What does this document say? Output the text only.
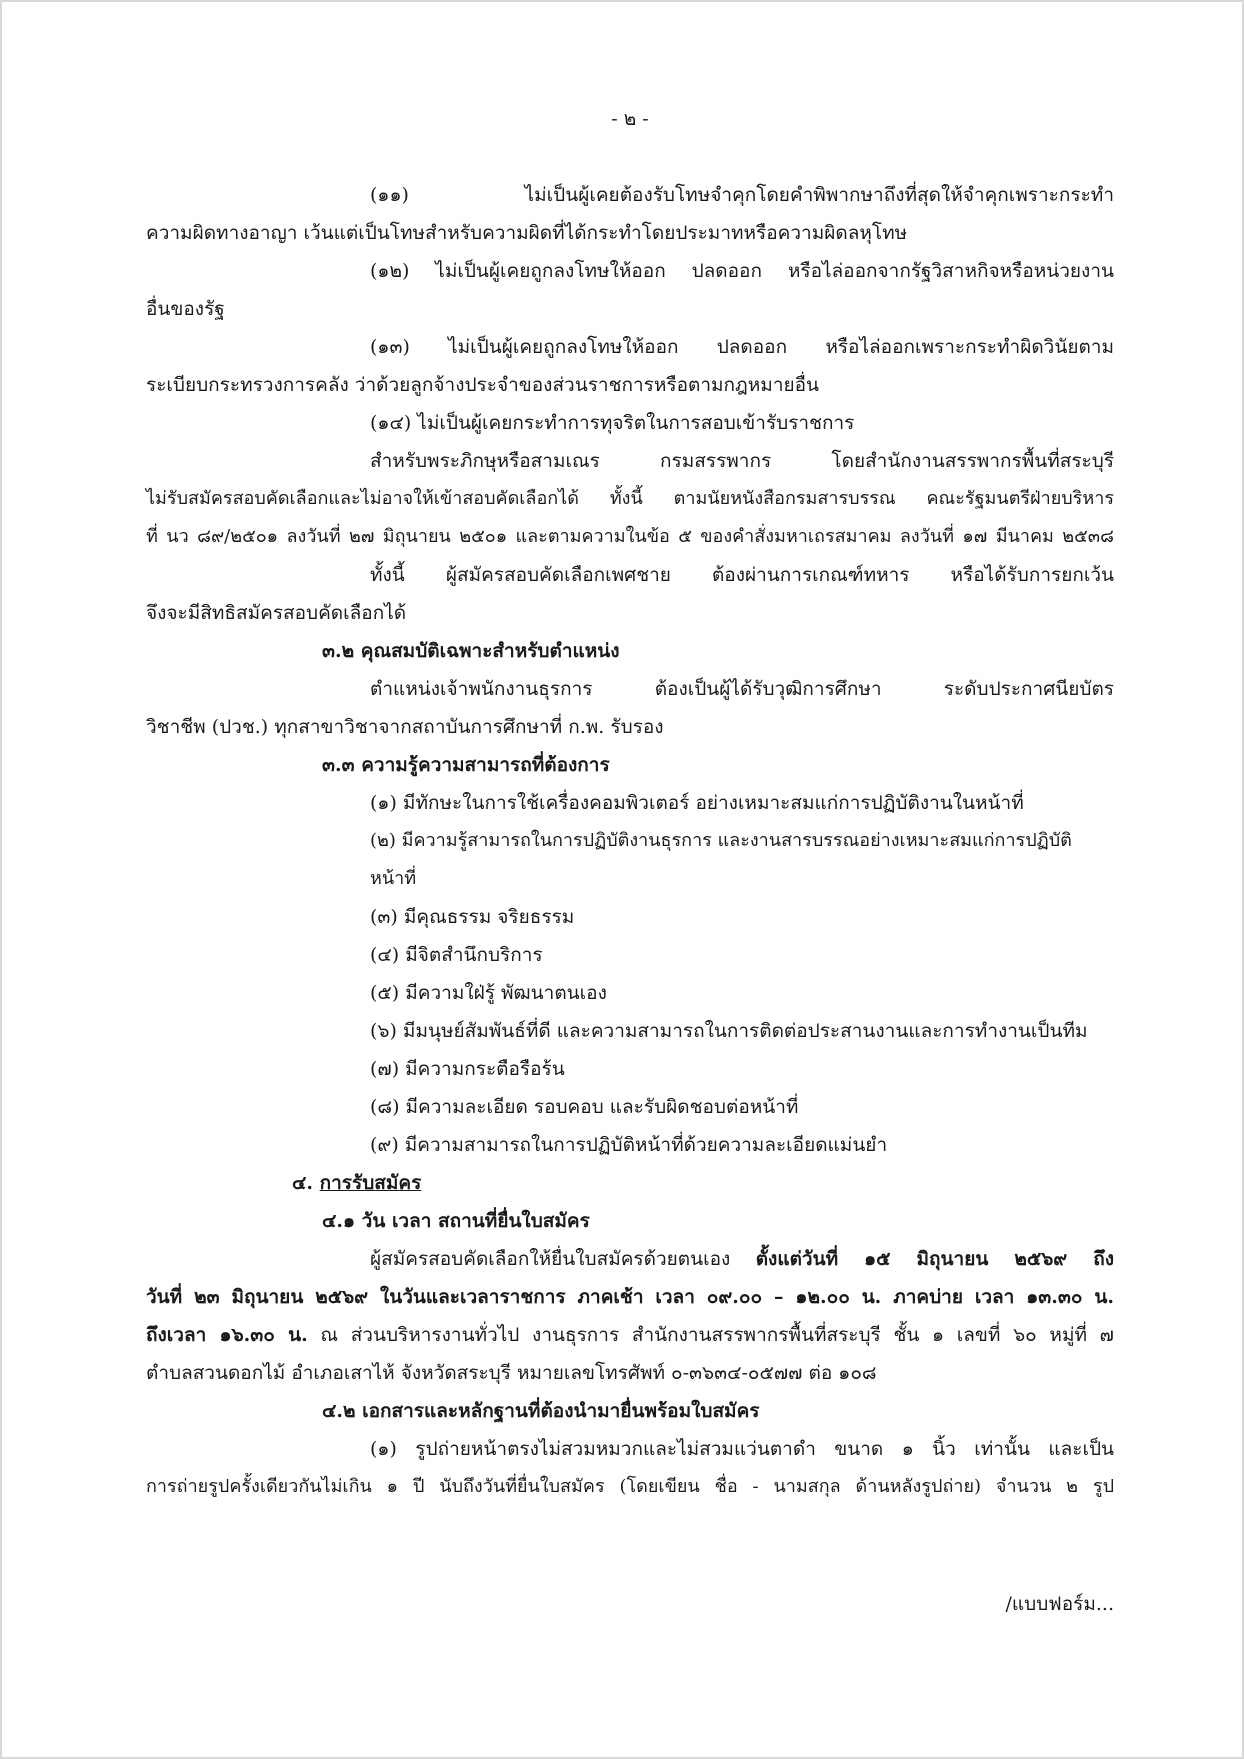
- ๒ -

(๑๑) ไม่เป็นผู้เคยต้องรับโทษจำคุกโดยคำพิพากษาถึงที่สุดให้จำคุกเพราะกระทำ

ความผิดทางอาญา เว้นแต่เป็นโทษสำหรับความผิดที่ได้กระทำโดยประมาทหรือความผิดลหุโทษ

(๑๒) ไม่เป็นผู้เคยถูกลงโทษให้ออก ปลดออก หรือไล่ออกจากรัฐวิสาหกิจหรือหน่วยงาน

อื่นของรัฐ

(๑๓) ไม่เป็นผู้เคยถูกลงโทษให้ออก ปลดออก หรือไล่ออกเพราะกระทำผิดวินัยตาม

ระเบียบกระทรวงการคลัง ว่าด้วยลูกจ้างประจำของส่วนราชการหรือตามกฎหมายอื่น

(๑๔) ไม่เป็นผู้เคยกระทำการทุจริตในการสอบเข้ารับราชการ

สำหรับพระภิกษุหรือสามเณร กรมสรรพากร โดยสำนักงานสรรพากรพื้นที่สระบุรี

ไม่รับสมัครสอบคัดเลือกและไม่อาจให้เข้าสอบคัดเลือกได้ ทั้งนี้ ตามนัยหนังสือกรมสารบรรณ คณะรัฐมนตรีฝ่ายบริหาร

ที่ นว ๘๙/๒๕๐๑ ลงวันที่ ๒๗ มิถุนายน ๒๕๐๑ และตามความในข้อ ๕ ของคำสั่งมหาเถรสมาคม ลงวันที่ ๑๗ มีนาคม ๒๕๓๘

ทั้งนี้ ผู้สมัครสอบคัดเลือกเพศชาย ต้องผ่านการเกณฑ์ทหาร หรือได้รับการยกเว้น

จึงจะมีสิทธิสมัครสอบคัดเลือกได้

๓.๒ คุณสมบัติเฉพาะสำหรับตำแหน่ง

ตำแหน่งเจ้าพนักงานธุรการ ต้องเป็นผู้ได้รับวุฒิการศึกษา ระดับประกาศนียบัตร

วิชาชีพ (ปวช.) ทุกสาขาวิชาจากสถาบันการศึกษาที่ ก.พ. รับรอง

๓.๓ ความรู้ความสามารถที่ต้องการ

(๑) มีทักษะในการใช้เครื่องคอมพิวเตอร์ อย่างเหมาะสมแก่การปฏิบัติงานในหน้าที่

(๒) มีความรู้สามารถในการปฏิบัติงานธุรการ และงานสารบรรณอย่างเหมาะสมแก่การปฏิบัติหน้าที่

(๓) มีคุณธรรม จริยธรรม

(๔) มีจิตสำนึกบริการ

(๕) มีความใฝ่รู้ พัฒนาตนเอง

(๖) มีมนุษย์สัมพันธ์ที่ดี และความสามารถในการติดต่อประสานงานและการทำงานเป็นทีม

(๗) มีความกระตือรือร้น

(๘) มีความละเอียด รอบคอบ และรับผิดชอบต่อหน้าที่

(๙) มีความสามารถในการปฏิบัติหน้าที่ด้วยความละเอียดแม่นยำ

๔. การรับสมัคร

๔.๑ วัน เวลา สถานที่ยื่นใบสมัคร

ผู้สมัครสอบคัดเลือกให้ยื่นใบสมัครด้วยตนเอง ตั้งแต่วันที่ ๑๕ มิถุนายน ๒๕๖๙ ถึง

วันที่ ๒๓ มิถุนายน ๒๕๖๙ ในวันและเวลาราชการ ภาคเช้า เวลา ๐๙.๐๐ – ๑๒.๐๐ น. ภาคบ่าย เวลา ๑๓.๓๐ น.

ถึงเวลา ๑๖.๓๐ น. ณ ส่วนบริหารงานทั่วไป งานธุรการ สำนักงานสรรพากรพื้นที่สระบุรี ชั้น ๑ เลขที่ ๖๐ หมู่ที่ ๗

ตำบลสวนดอกไม้ อำเภอเสาไห้ จังหวัดสระบุรี หมายเลขโทรศัพท์ ๐-๓๖๓๔-๐๕๗๗ ต่อ ๑๐๘

๔.๒ เอกสารและหลักฐานที่ต้องนำมายื่นพร้อมใบสมัคร

(๑) รูปถ่ายหน้าตรงไม่สวมหมวกและไม่สวมแว่นตาดำ ขนาด ๑ นิ้ว เท่านั้น และเป็น

การถ่ายรูปครั้งเดียวกันไม่เกิน ๑ ปี นับถึงวันที่ยื่นใบสมัคร (โดยเขียน ชื่อ - นามสกุล ด้านหลังรูปถ่าย) จำนวน ๒ รูป

/แบบฟอร์ม...
